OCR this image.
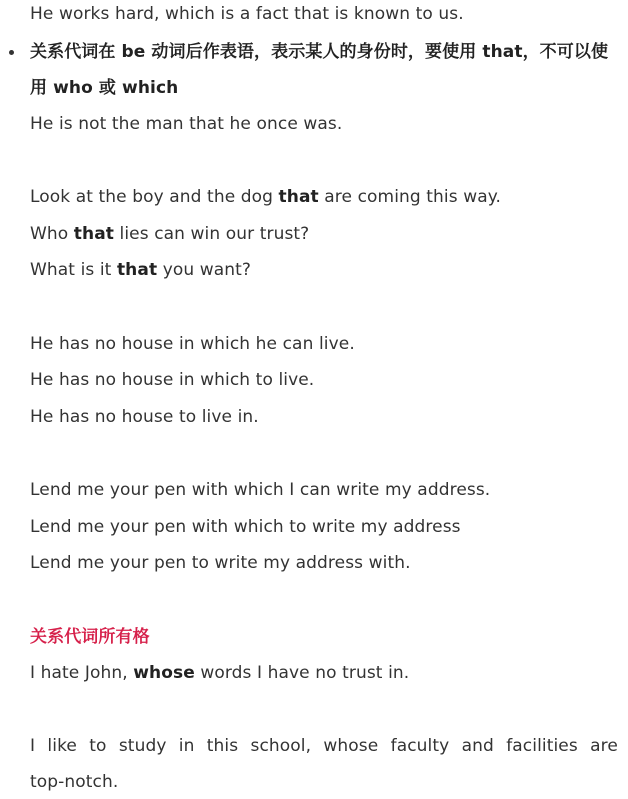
He works hard, which is a fact that is known to us.
关系代词在 be 动词后作表语，表示某人的身份时，要使用 that，不可以使
用 who 或 which
He is not the man that he once was.
Look at the boy and the dog that are coming this way.
Who that lies can win our trust?
What is it that you want?
He has no house in which he can live.
He has no house in which to live.
He has no house to live in.
Lend me your pen with which I can write my address.
Lend me your pen with which to write my address
Lend me your pen to write my address with.
关系代词所有格
I hate John, whose words I have no trust in.
I like to study in this school, whose faculty and facilities are
top-notch.
